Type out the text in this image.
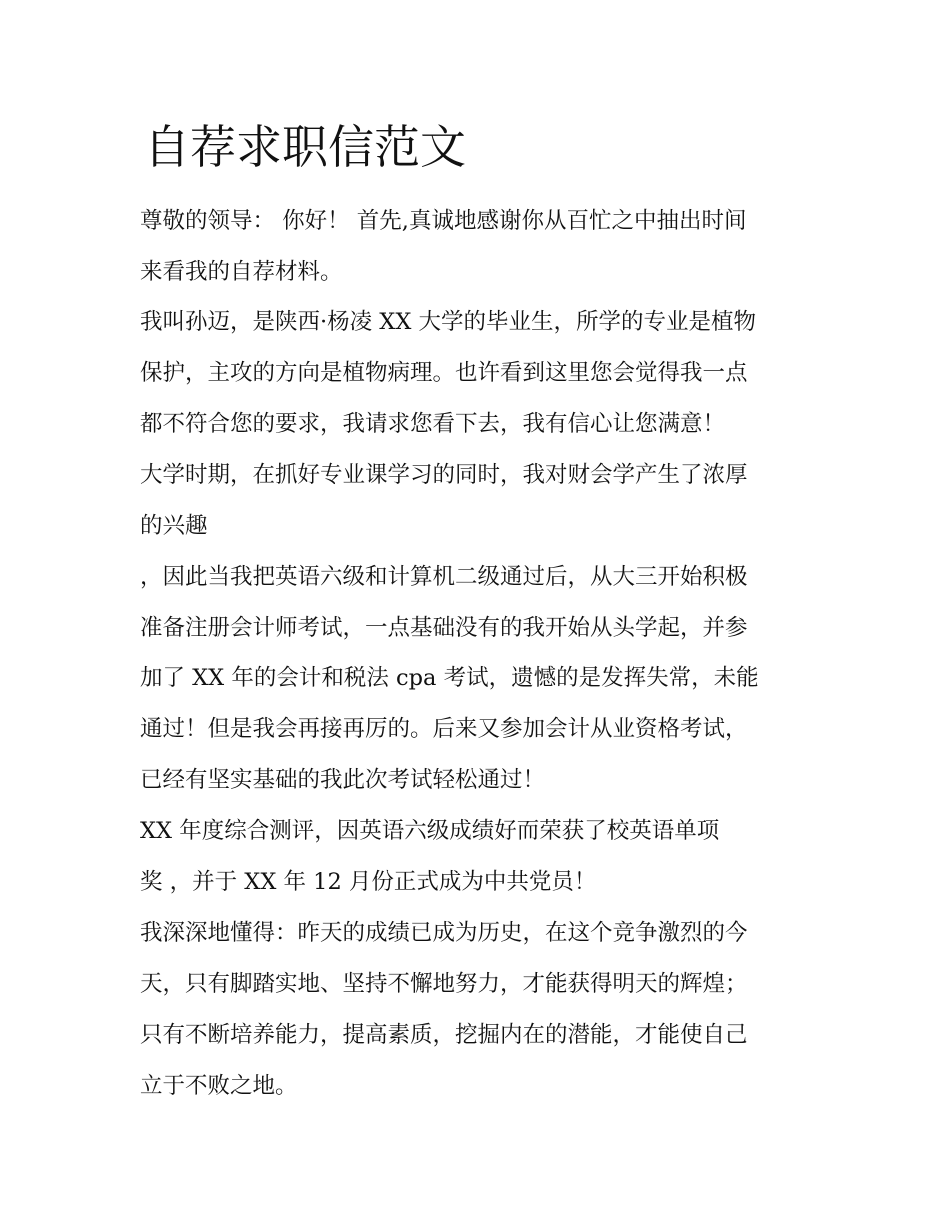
自荐求职信范文

尊敬的领导： 你好！ 首先,真诚地感谢你从百忙之中抽出时间

来看我的自荐材料。

我叫孙迈，是陕西·杨凌 XX 大学的毕业生，所学的专业是植物

保护，主攻的方向是植物病理。也许看到这里您会觉得我一点

都不符合您的要求，我请求您看下去，我有信心让您满意！

大学时期，在抓好专业课学习的同时，我对财会学产生了浓厚

的兴趣

，因此当我把英语六级和计算机二级通过后，从大三开始积极

准备注册会计师考试，一点基础没有的我开始从头学起，并参

加了 XX 年的会计和税法 cpa 考试，遗憾的是发挥失常，未能

通过！但是我会再接再厉的。后来又参加会计从业资格考试，

已经有坚实基础的我此次考试轻松通过！

XX 年度综合测评，因英语六级成绩好而荣获了校英语单项

奖 ，并于 XX 年 12 月份正式成为中共党员！

我深深地懂得：昨天的成绩已成为历史，在这个竞争激烈的今

天，只有脚踏实地、坚持不懈地努力，才能获得明天的辉煌；

只有不断培养能力，提高素质，挖掘内在的潜能，才能使自己

立于不败之地。
